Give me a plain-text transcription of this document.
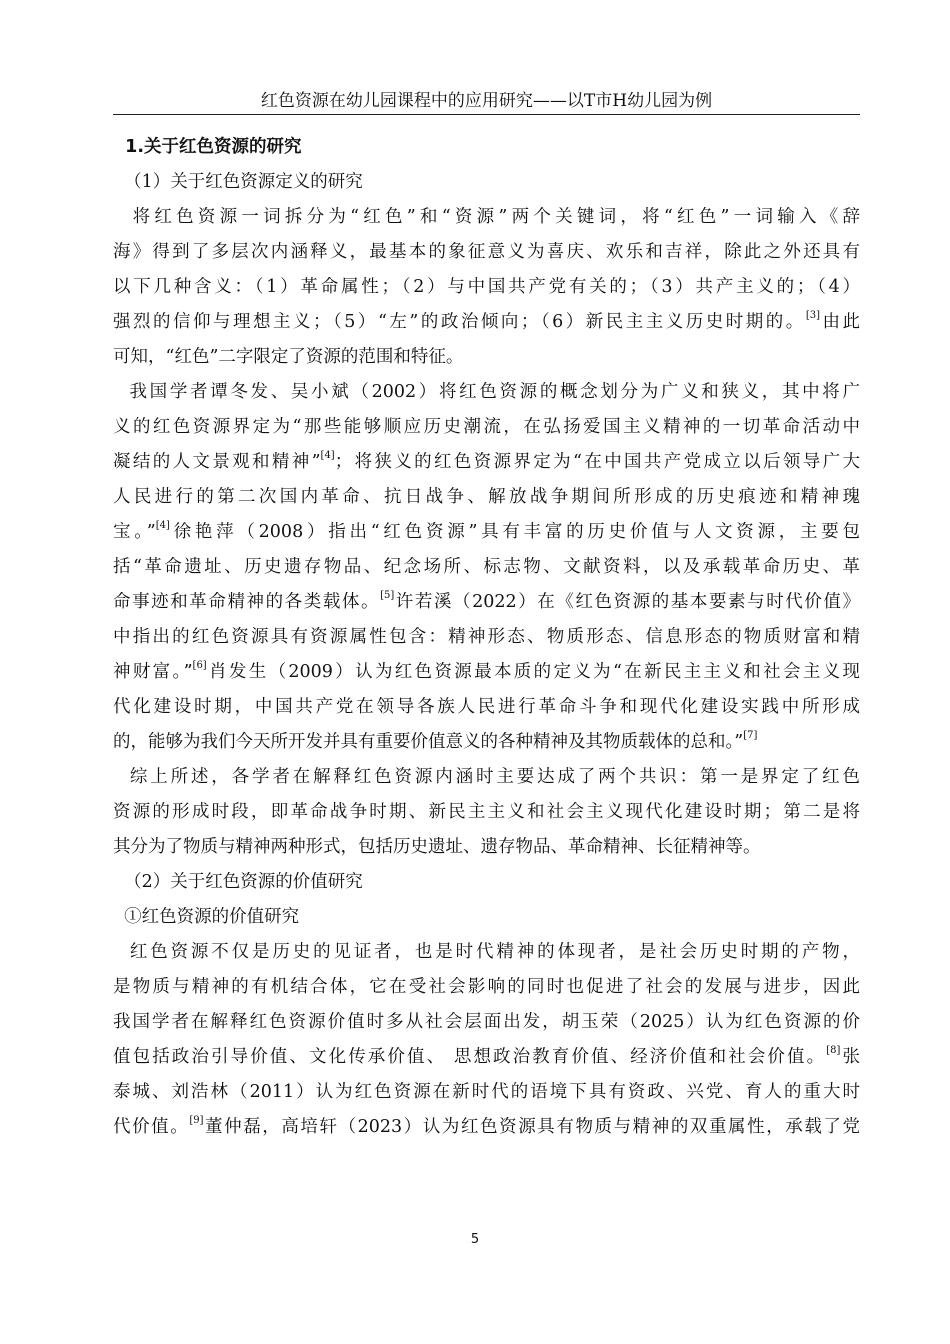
红色资源在幼儿园课程中的应用研究——以T市H幼儿园为例
1.关于红色资源的研究
（1）关于红色资源定义的研究
将红色资源一词拆分为“红色”和“资源”两个关键词，将“红色”一词输入《辞
海》得到了多层次内涵释义，最基本的象征意义为喜庆、欢乐和吉祥，除此之外还具有
以下几种含义：（1）革命属性；（2）与中国共产党有关的；（3）共产主义的；（4）
强烈的信仰与理想主义；（5）“左”的政治倾向；（6）新民主主义历史时期的。[3]由此
可知，“红色”二字限定了资源的范围和特征。
我国学者谭冬发、吴小斌（2002）将红色资源的概念划分为广义和狭义，其中将广
义的红色资源界定为“那些能够顺应历史潮流，在弘扬爱国主义精神的一切革命活动中
凝结的人文景观和精神”[4]；将狭义的红色资源界定为“在中国共产党成立以后领导广大
人民进行的第二次国内革命、抗日战争、解放战争期间所形成的历史痕迹和精神瑰
宝。”[4]徐艳萍（2008）指出“红色资源”具有丰富的历史价值与人文资源，主要包
括“革命遗址、历史遗存物品、纪念场所、标志物、文献资料，以及承载革命历史、革
命事迹和革命精神的各类载体。[5]许若溪（2022）在《红色资源的基本要素与时代价值》
中指出的红色资源具有资源属性包含：精神形态、物质形态、信息形态的物质财富和精
神财富。”[6]肖发生（2009）认为红色资源最本质的定义为“在新民主主义和社会主义现
代化建设时期，中国共产党在领导各族人民进行革命斗争和现代化建设实践中所形成
的，能够为我们今天所开发并具有重要价值意义的各种精神及其物质载体的总和。”[7]
综上所述，各学者在解释红色资源内涵时主要达成了两个共识：第一是界定了红色
资源的形成时段，即革命战争时期、新民主主义和社会主义现代化建设时期；第二是将
其分为了物质与精神两种形式，包括历史遗址、遗存物品、革命精神、长征精神等。
（2）关于红色资源的价值研究
①红色资源的价值研究
红色资源不仅是历史的见证者，也是时代精神的体现者，是社会历史时期的产物，
是物质与精神的有机结合体，它在受社会影响的同时也促进了社会的发展与进步，因此
我国学者在解释红色资源价值时多从社会层面出发，胡玉荣（2025）认为红色资源的价
值包括政治引导价值、文化传承价值、 思想政治教育价值、经济价值和社会价值。[8]张
泰城、刘浩林（2011）认为红色资源在新时代的语境下具有资政、兴党、育人的重大时
代价值。[9]董仲磊，高培轩（2023）认为红色资源具有物质与精神的双重属性，承载了党
5
